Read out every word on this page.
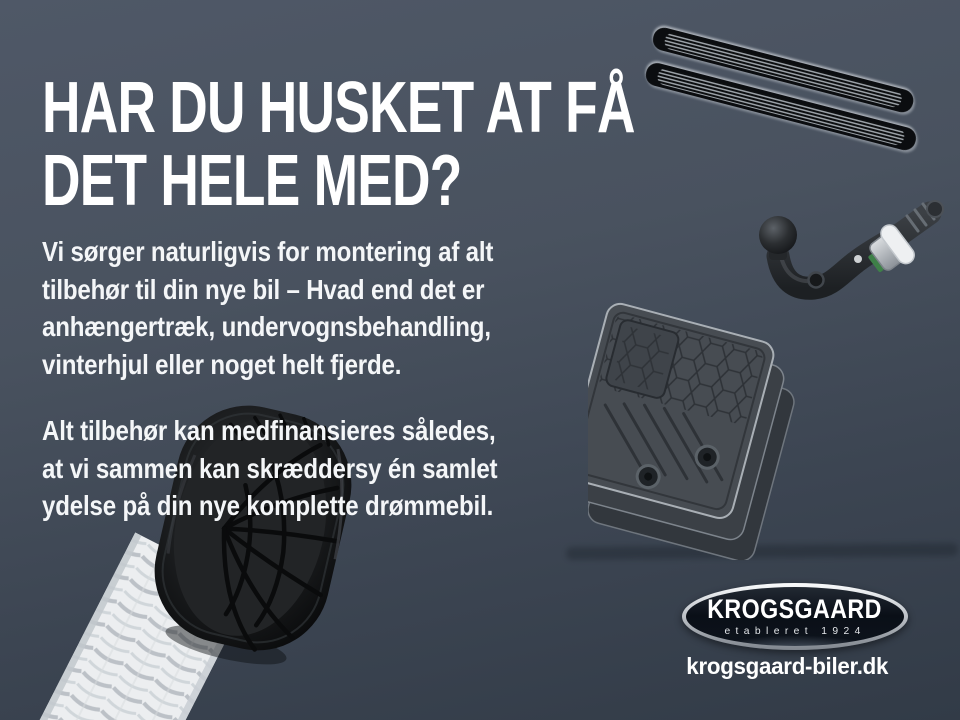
HAR DU HUSKET AT FÅ
DET HELE MED?
Vi sørger naturligvis for montering af alt
tilbehør til din nye bil – Hvad end det er
anhængertræk, undervognsbehandling,
vinterhjul eller noget helt fjerde.
Alt tilbehør kan medfinansieres således,
at vi sammen kan skræddersy én samlet
ydelse på din nye komplette drømmebil.
KROGSGAARD
etableret 1924
krogsgaard-biler.dk
